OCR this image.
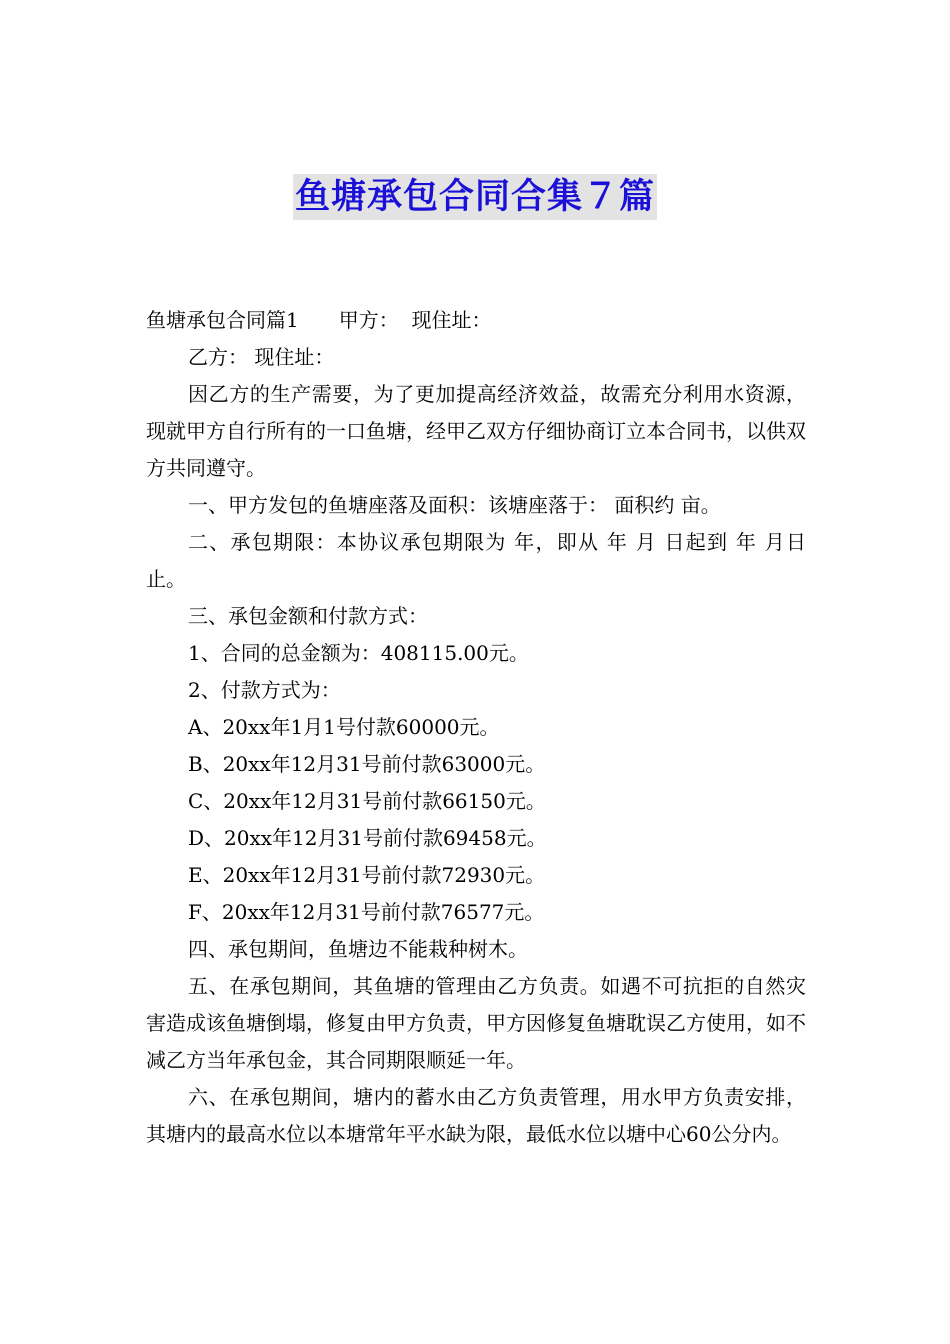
鱼塘承包合同合集７篇

鱼塘承包合同篇1　　甲方：  现住址：

乙方： 现住址：

因乙方的生产需要，为了更加提高经济效益，故需充分利用水资源，现就甲方自行所有的一口鱼塘，经甲乙双方仔细协商订立本合同书，以供双方共同遵守。

一、甲方发包的鱼塘座落及面积：该塘座落于： 面积约 亩。

二、承包期限：本协议承包期限为 年，即从 年 月 日起到 年 月日止。

三、承包金额和付款方式：

1、合同的总金额为：408115.00元。

2、付款方式为：

A、20xx年1月1号付款60000元。

B、20xx年12月31号前付款63000元。

C、20xx年12月31号前付款66150元。

D、20xx年12月31号前付款69458元。

E、20xx年12月31号前付款72930元。

F、20xx年12月31号前付款76577元。

四、承包期间，鱼塘边不能栽种树木。

五、在承包期间，其鱼塘的管理由乙方负责。如遇不可抗拒的自然灾害造成该鱼塘倒塌，修复由甲方负责，甲方因修复鱼塘耽误乙方使用，如不减乙方当年承包金，其合同期限顺延一年。

六、在承包期间，塘内的蓄水由乙方负责管理，用水甲方负责安排，其塘内的最高水位以本塘常年平水缺为限，最低水位以塘中心60公分内。
